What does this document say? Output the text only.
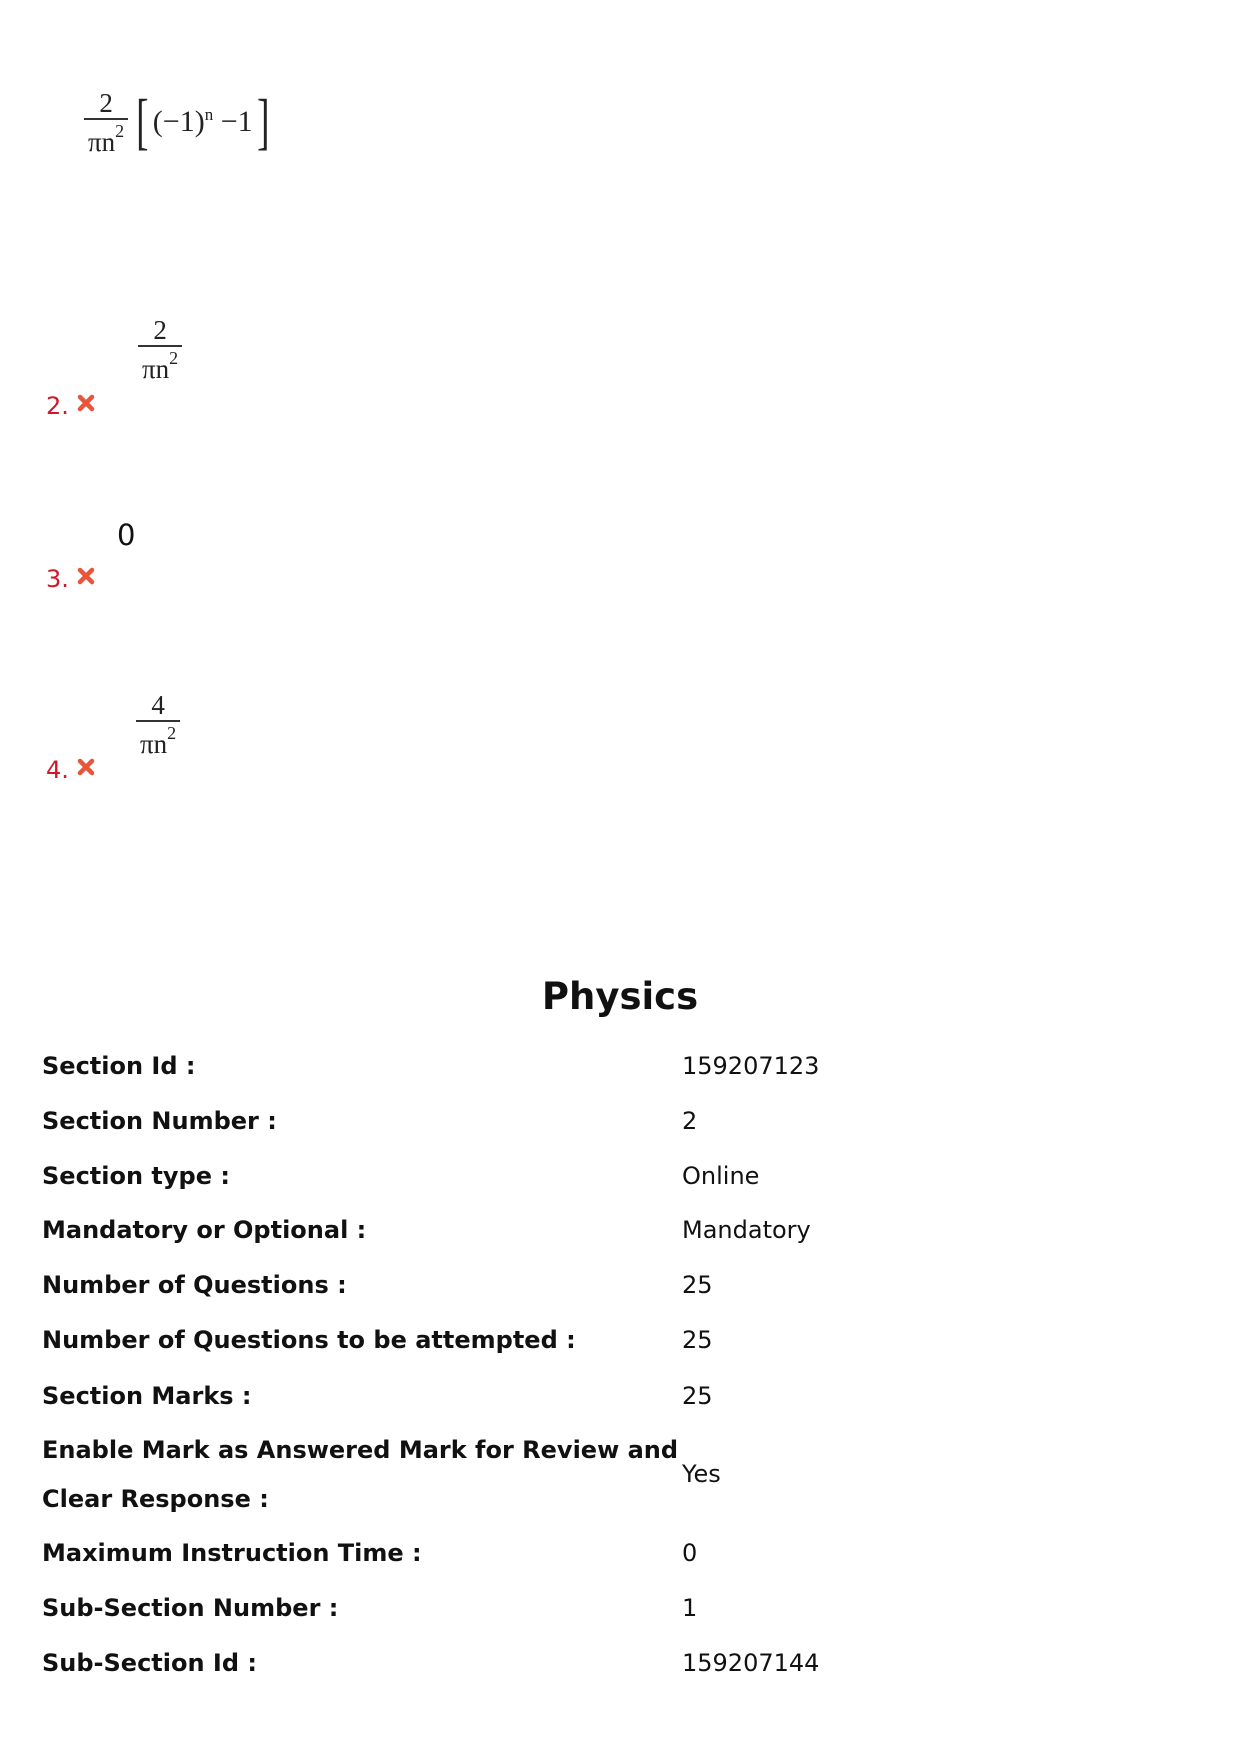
$\frac{2}{\pi n^2}$ [ $(-1)^n -1$]
$\frac{2}{\pi n^2}$
2.
0
3.
$\frac{4}{\pi n^2}$
4.
Physics
Section Id :	159207123
Section Number :	2
Section type :	Online
Mandatory or Optional :	Mandatory
Number of Questions :	25
Number of Questions to be attempted :	25
Section Marks :	25
Enable Mark as Answered Mark for Review and
Clear Response :
Yes
Maximum Instruction Time :	0
Sub-Section Number :	1
Sub-Section Id :	159207144
